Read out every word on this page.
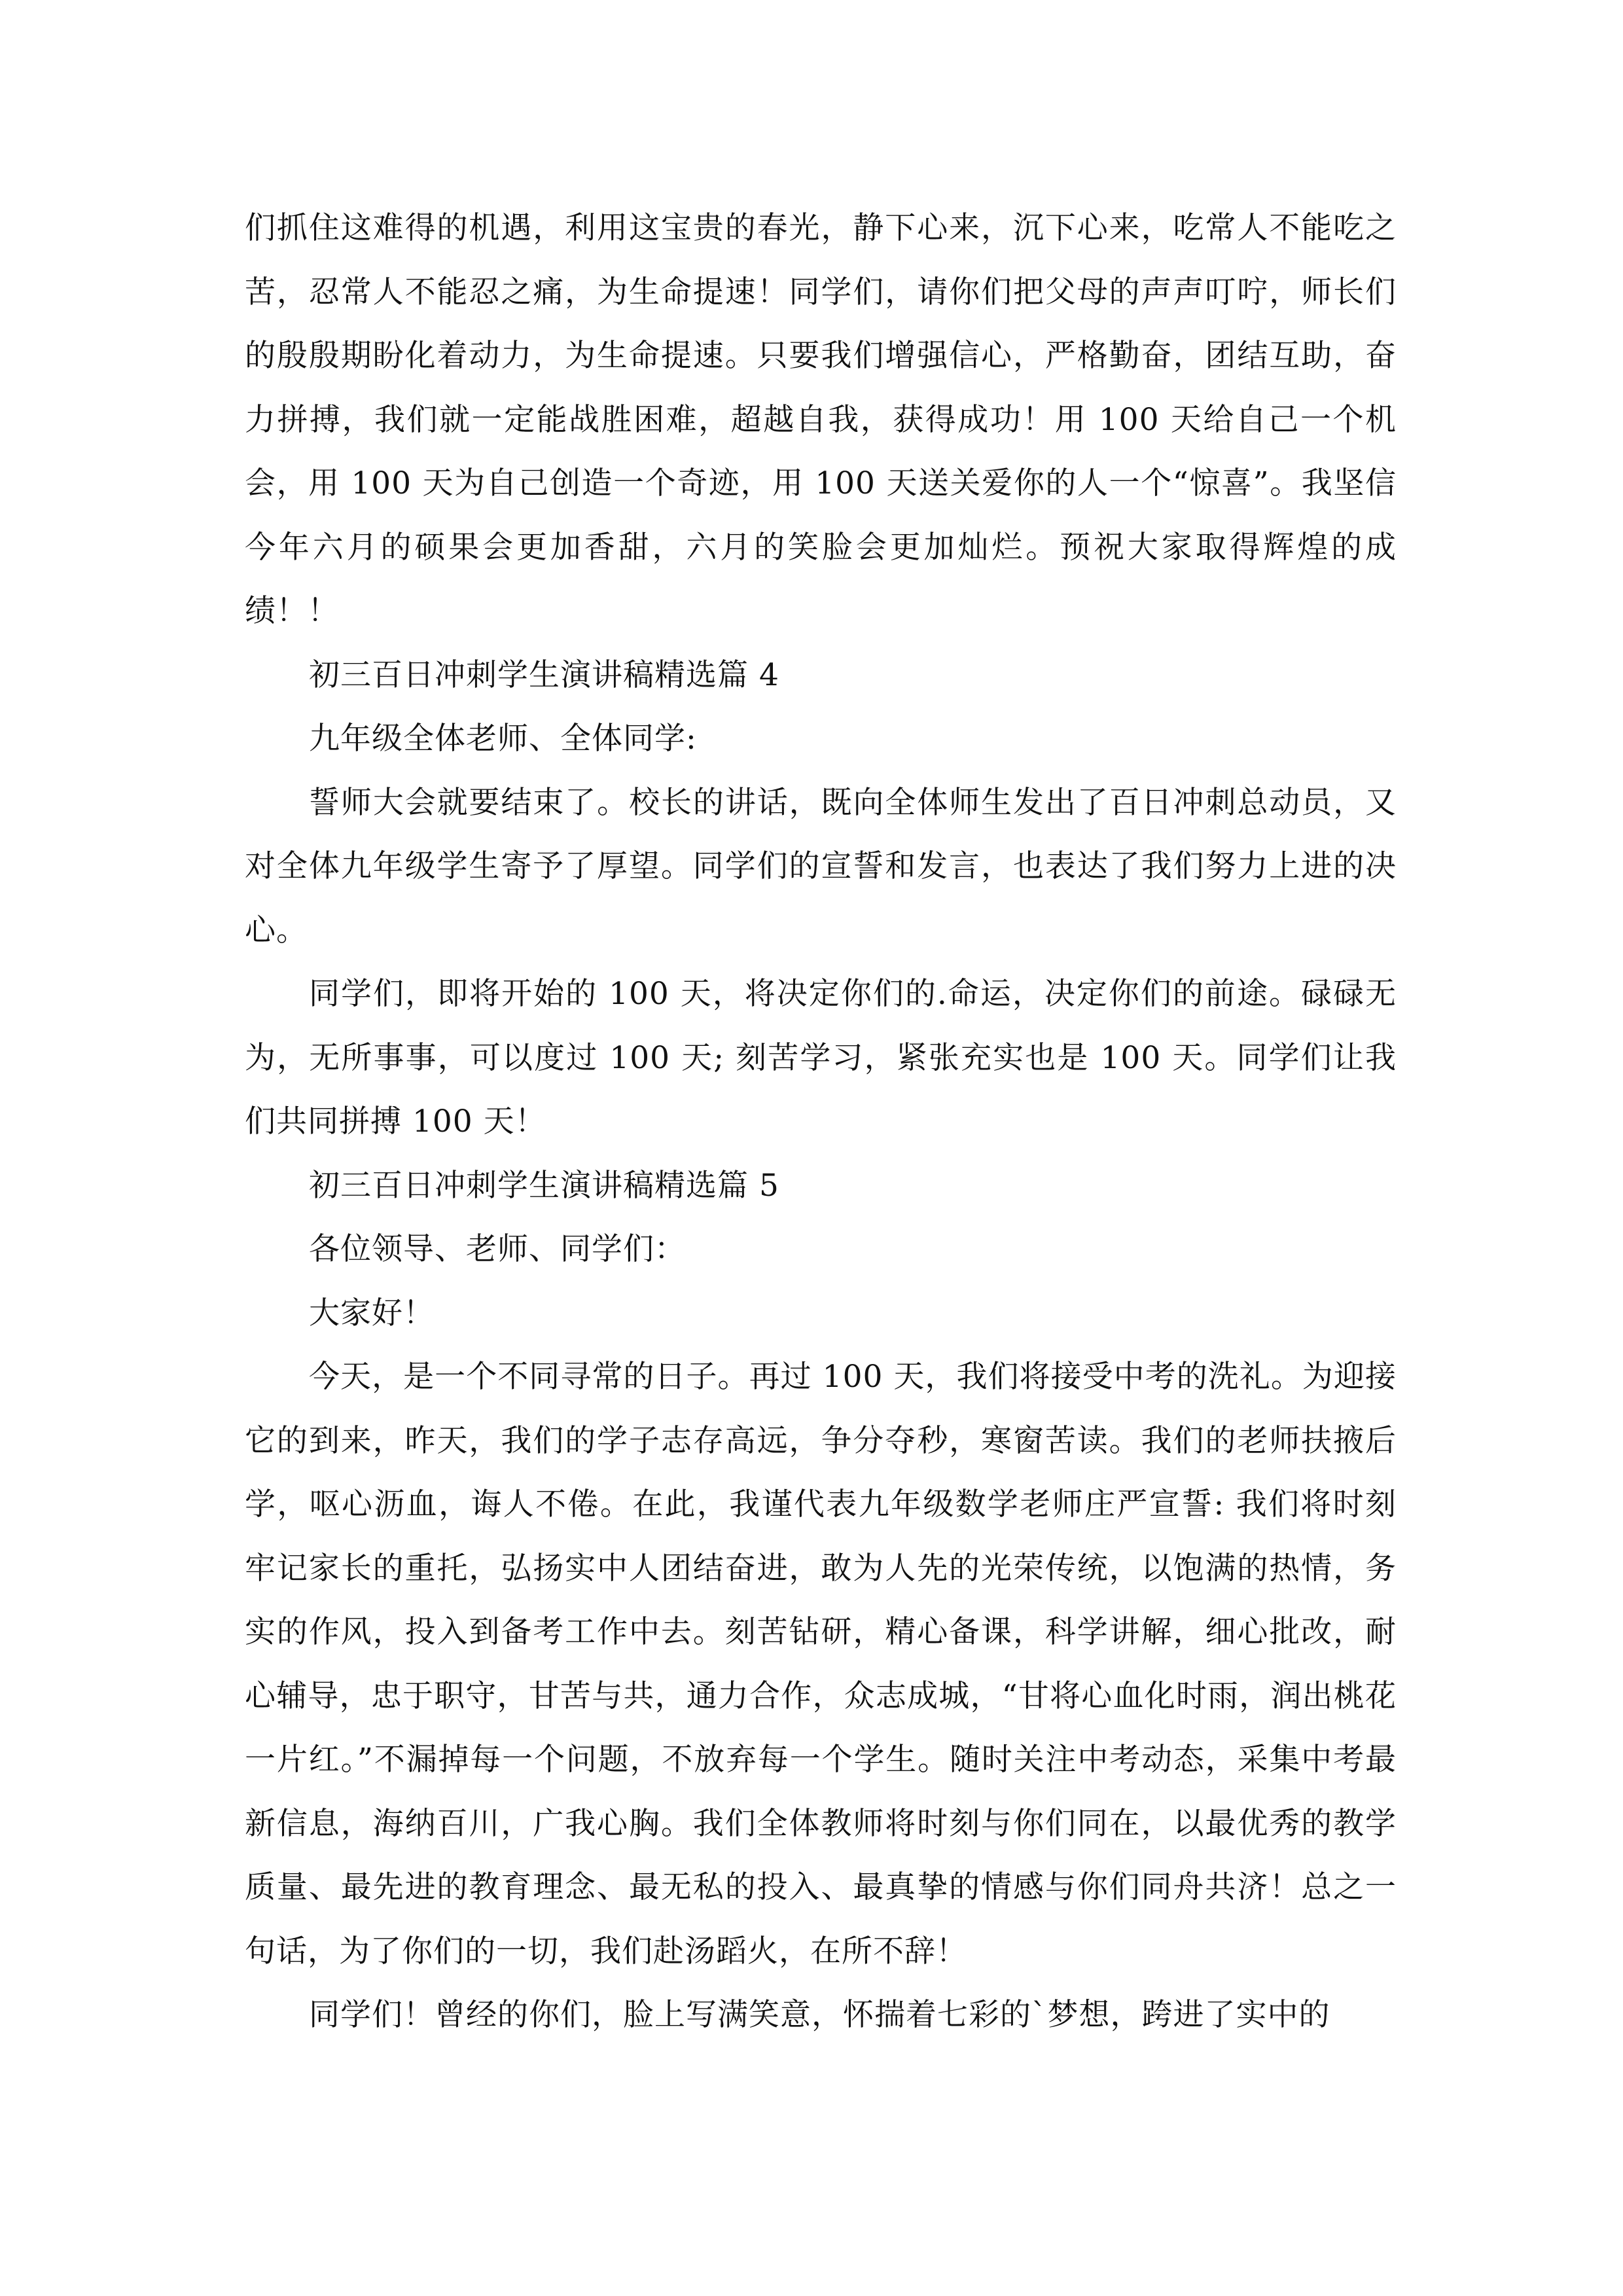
们抓住这难得的机遇，利用这宝贵的春光，静下心来，沉下心来，吃常人不能吃之苦，忍常人不能忍之痛，为生命提速！同学们，请你们把父母的声声叮咛，师长们的殷殷期盼化着动力，为生命提速。只要我们增强信心，严格勤奋，团结互助，奋力拼搏，我们就一定能战胜困难，超越自我，获得成功！用 100 天给自己一个机会，用 100 天为自己创造一个奇迹，用 100 天送关爱你的人一个“惊喜”。我坚信今年六月的硕果会更加香甜，六月的笑脸会更加灿烂。预祝大家取得辉煌的成绩！！

初三百日冲刺学生演讲稿精选篇 4

九年级全体老师、全体同学:

誓师大会就要结束了。校长的讲话，既向全体师生发出了百日冲刺总动员，又对全体九年级学生寄予了厚望。同学们的宣誓和发言，也表达了我们努力上进的决心。

同学们，即将开始的 100 天，将决定你们的.命运，决定你们的前途。碌碌无为，无所事事，可以度过 100 天; 刻苦学习，紧张充实也是 100 天。同学们让我们共同拼搏 100 天！

初三百日冲刺学生演讲稿精选篇 5

各位领导、老师、同学们：

大家好！

今天，是一个不同寻常的日子。再过 100 天，我们将接受中考的洗礼。为迎接它的到来，昨天，我们的学子志存高远，争分夺秒，寒窗苦读。我们的老师扶掖后学，呕心沥血，诲人不倦。在此，我谨代表九年级数学老师庄严宣誓: 我们将时刻牢记家长的重托，弘扬实中人团结奋进，敢为人先的光荣传统，以饱满的热情，务实的作风，投入到备考工作中去。刻苦钻研，精心备课，科学讲解，细心批改，耐心辅导，忠于职守，甘苦与共，通力合作，众志成城，“甘将心血化时雨，润出桃花一片红。”不漏掉每一个问题，不放弃每一个学生。随时关注中考动态，采集中考最新信息，海纳百川，广我心胸。我们全体教师将时刻与你们同在，以最优秀的教学质量、最先进的教育理念、最无私的投入、最真挚的情感与你们同舟共济！总之一句话，为了你们的一切，我们赴汤蹈火，在所不辞！

同学们！曾经的你们，脸上写满笑意，怀揣着七彩的`梦想，跨进了实中的
